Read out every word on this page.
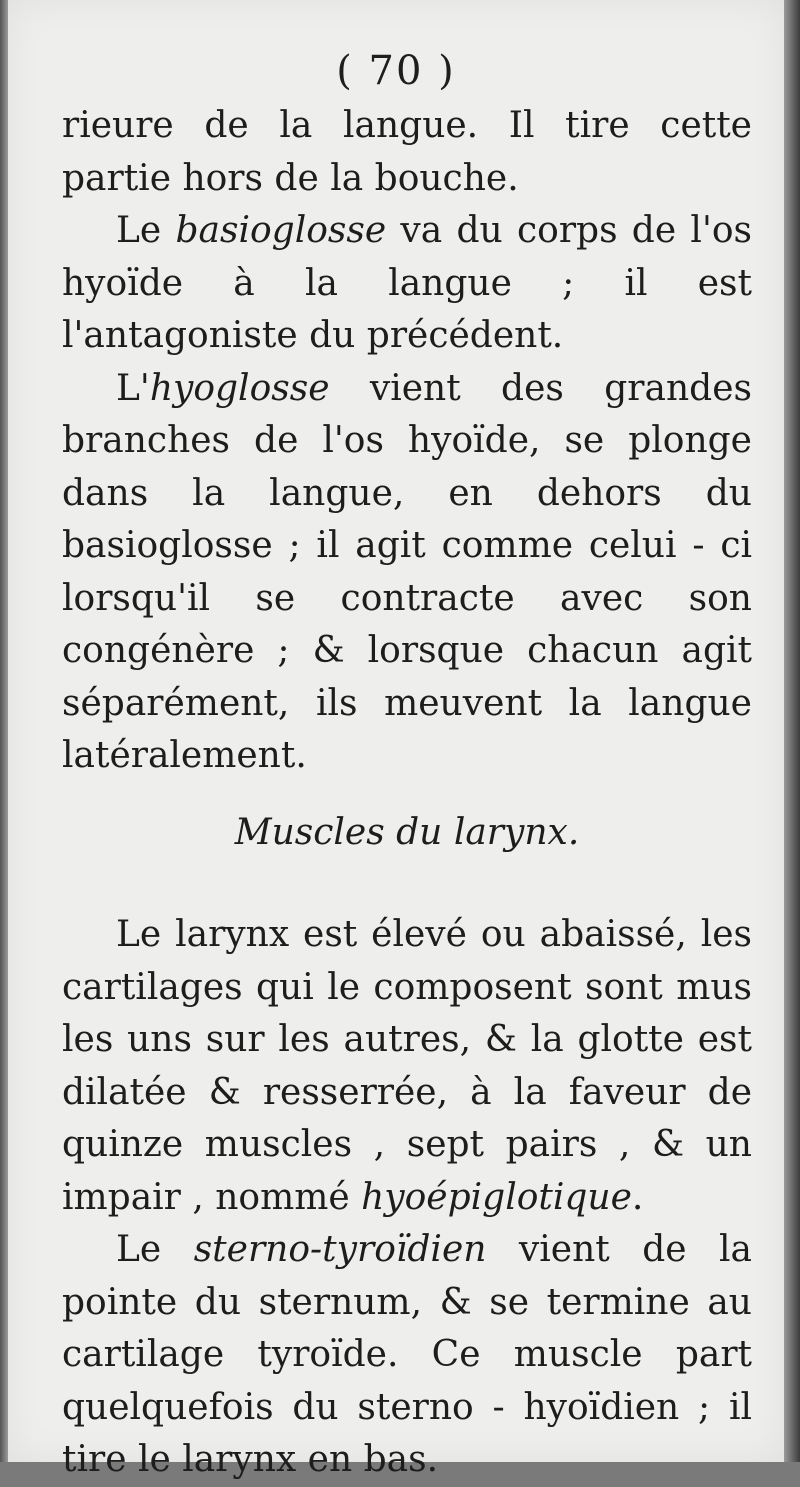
( 70 )

rieure de la langue. Il tire cette partie hors de la bouche.

Le basioglosse va du corps de l'os hyoïde à la langue ; il est l'antagoniste du précédent.

L'hyoglosse vient des grandes branches de l'os hyoïde, se plonge dans la langue, en dehors du basioglosse ; il agit comme celui - ci lorsqu'il se contracte avec son congénère ; & lorsque chacun agit séparément, ils meuvent la langue latéralement.

Muscles du larynx.

Le larynx est élevé ou abaissé, les cartilages qui le composent sont mus les uns sur les autres, & la glotte est dilatée & resserrée, à la faveur de quinze muscles , sept pairs , & un impair , nommé hyoépiglotique.

Le sterno-tyroïdien vient de la pointe du sternum, & se termine au cartilage tyroïde. Ce muscle part quelquefois du sterno - hyoïdien ; il tire le larynx en bas.
